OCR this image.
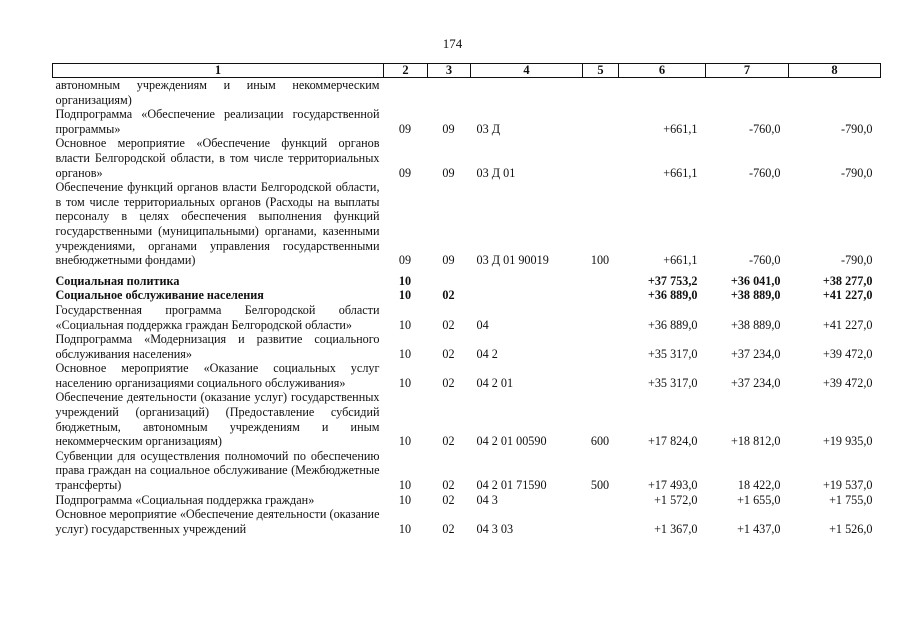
174
1	2	3	4	5	6	7	8
автономным учреждениям и иным некоммерческим организациям)							
Подпрограмма «Обеспечение реализации государственной программы»	09	09	03 Д		+661,1	-760,0	-790,0
Основное мероприятие «Обеспечение функций органов власти Белгородской области, в том числе территориальных органов»	09	09	03 Д 01		+661,1	-760,0	-790,0
Обеспечение функций органов власти Белгородской области, в том числе территориальных органов (Расходы на выплаты персоналу в целях обеспечения выполнения функций государственными (муниципальными) органами, казенными учреждениями, органами управления государственными внебюджетными фондами)	09	09	03 Д 01 90019	100	+661,1	-760,0	-790,0
Социальная политика	10				+37 753,2	+36 041,0	+38 277,0
Социальное обслуживание населения	10	02			+36 889,0	+38 889,0	+41 227,0
Государственная программа Белгородской области «Социальная поддержка граждан Белгородской области»	10	02	04		+36 889,0	+38 889,0	+41 227,0
Подпрограмма «Модернизация и развитие социального обслуживания населения»	10	02	04 2		+35 317,0	+37 234,0	+39 472,0
Основное мероприятие «Оказание социальных услуг населению организациями социального обслуживания»	10	02	04 2 01		+35 317,0	+37 234,0	+39 472,0
Обеспечение деятельности (оказание услуг) государственных учреждений (организаций) (Предоставление субсидий бюджетным, автономным учреждениям и иным некоммерческим организациям)	10	02	04 2 01 00590	600	+17 824,0	+18 812,0	+19 935,0
Субвенции для осуществления полномочий по обеспечению права граждан на социальное обслуживание (Межбюджетные трансферты)	10	02	04 2 01 71590	500	+17 493,0	18 422,0	+19 537,0
Подпрограмма «Социальная поддержка граждан»	10	02	04 3		+1 572,0	+1 655,0	+1 755,0
Основное мероприятие «Обеспечение деятельности (оказание услуг) государственных учреждений	10	02	04 3 03		+1 367,0	+1 437,0	+1 526,0
